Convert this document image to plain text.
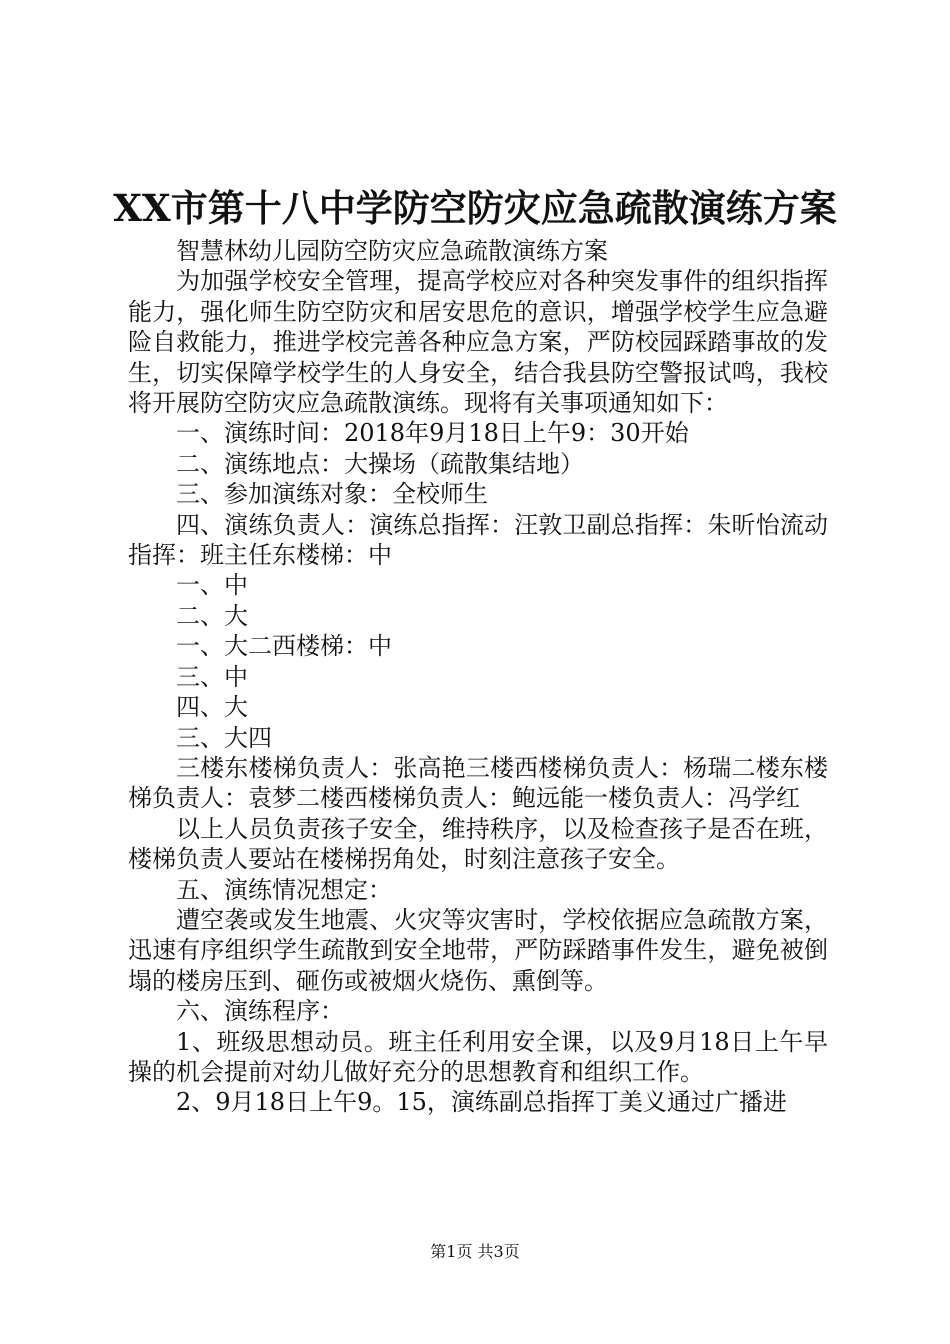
XX市第十八中学防空防灾应急疏散演练方案

智慧林幼儿园防空防灾应急疏散演练方案

为加强学校安全管理，提高学校应对各种突发事件的组织指挥能力，强化师生防空防灾和居安思危的意识，增强学校学生应急避险自救能力，推进学校完善各种应急方案，严防校园踩踏事故的发生，切实保障学校学生的人身安全，结合我县防空警报试鸣，我校将开展防空防灾应急疏散演练。现将有关事项通知如下：

一、演练时间：2018年9月18日上午9：30开始

二、演练地点：大操场（疏散集结地）

三、参加演练对象：全校师生

四、演练负责人：演练总指挥：汪敦卫副总指挥：朱昕怡流动指挥：班主任东楼梯：中

一、中

二、大

一、大二西楼梯：中

三、中

四、大

三、大四

三楼东楼梯负责人：张高艳三楼西楼梯负责人：杨瑞二楼东楼梯负责人：袁梦二楼西楼梯负责人：鲍远能一楼负责人：冯学红

以上人员负责孩子安全，维持秩序，以及检查孩子是否在班，楼梯负责人要站在楼梯拐角处，时刻注意孩子安全。

五、演练情况想定：

遭空袭或发生地震、火灾等灾害时，学校依据应急疏散方案，迅速有序组织学生疏散到安全地带，严防踩踏事件发生，避免被倒塌的楼房压到、砸伤或被烟火烧伤、熏倒等。

六、演练程序：

1、班级思想动员。班主任利用安全课，以及9月18日上午早操的机会提前对幼儿做好充分的思想教育和组织工作。

2、9月18日上午9。15，演练副总指挥丁美义通过广播进

第1页 共3页
